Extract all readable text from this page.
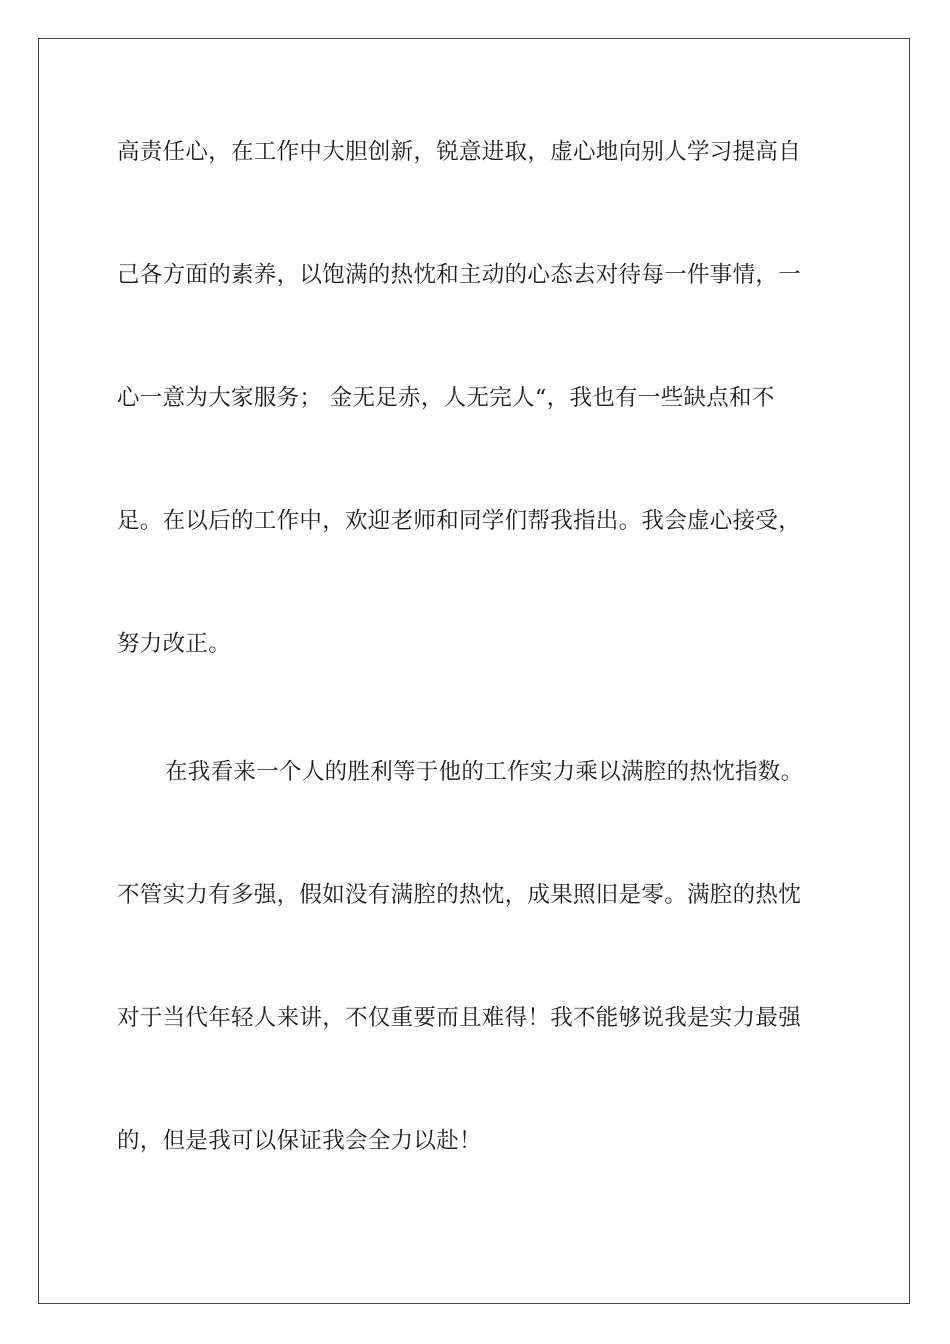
高责任心，在工作中大胆创新，锐意进取，虚心地向别人学习提高自
己各方面的素养，以饱满的热忱和主动的心态去对待每一件事情，一
心一意为大家服务； 金无足赤，人无完人“，我也有一些缺点和不
足。在以后的工作中，欢迎老师和同学们帮我指出。我会虚心接受，
努力改正。
在我看来一个人的胜利等于他的工作实力乘以满腔的热忱指数。
不管实力有多强，假如没有满腔的热忱，成果照旧是零。满腔的热忱
对于当代年轻人来讲，不仅重要而且难得！我不能够说我是实力最强
的，但是我可以保证我会全力以赴！
